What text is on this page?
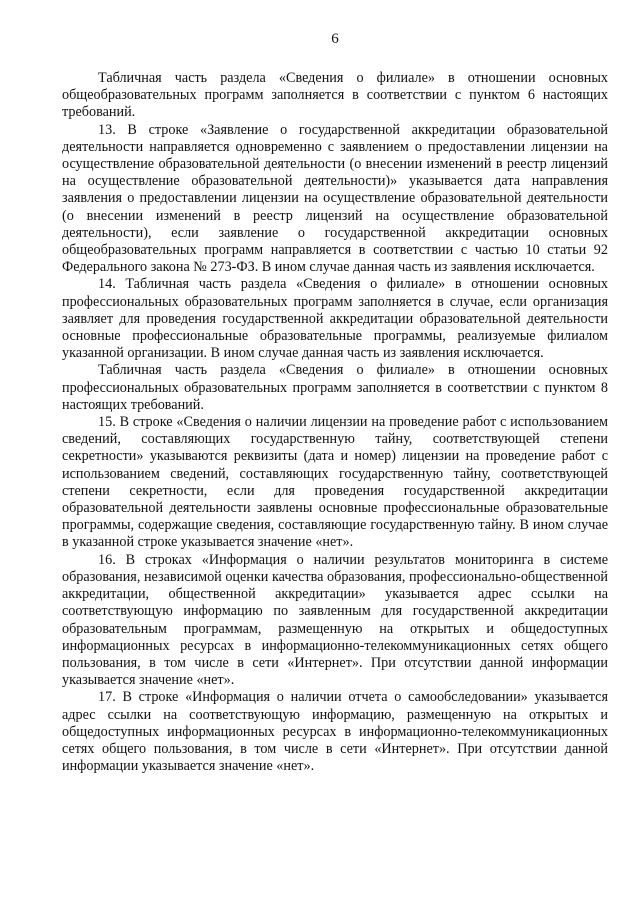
6

Табличная часть раздела «Сведения о филиале» в отношении основных общеобразовательных программ заполняется в соответствии с пунктом 6 настоящих требований.

13. В строке «Заявление о государственной аккредитации образовательной деятельности направляется одновременно с заявлением о предоставлении лицензии на осуществление образовательной деятельности (о внесении изменений в реестр лицензий на осуществление образовательной деятельности)» указывается дата направления заявления о предоставлении лицензии на осуществление образовательной деятельности (о внесении изменений в реестр лицензий на осуществление образовательной деятельности), если заявление о государственной аккредитации основных общеобразовательных программ направляется в соответствии с частью 10 статьи 92 Федерального закона № 273-ФЗ. В ином случае данная часть из заявления исключается.

14. Табличная часть раздела «Сведения о филиале» в отношении основных профессиональных образовательных программ заполняется в случае, если организация заявляет для проведения государственной аккредитации образовательной деятельности основные профессиональные образовательные программы, реализуемые филиалом указанной организации. В ином случае данная часть из заявления исключается.

Табличная часть раздела «Сведения о филиале» в отношении основных профессиональных образовательных программ заполняется в соответствии с пунктом 8 настоящих требований.

15. В строке «Сведения о наличии лицензии на проведение работ с использованием сведений, составляющих государственную тайну, соответствующей степени секретности» указываются реквизиты (дата и номер) лицензии на проведение работ с использованием сведений, составляющих государственную тайну, соответствующей степени секретности, если для проведения государственной аккредитации образовательной деятельности заявлены основные профессиональные образовательные программы, содержащие сведения, составляющие государственную тайну. В ином случае в указанной строке указывается значение «нет».

16. В строках «Информация о наличии результатов мониторинга в системе образования, независимой оценки качества образования, профессионально-общественной аккредитации, общественной аккредитации» указывается адрес ссылки на соответствующую информацию по заявленным для государственной аккредитации образовательным программам, размещенную на открытых и общедоступных информационных ресурсах в информационно-телекоммуникационных сетях общего пользования, в том числе в сети «Интернет». При отсутствии данной информации указывается значение «нет».

17. В строке «Информация о наличии отчета о самообследовании» указывается адрес ссылки на соответствующую информацию, размещенную на открытых и общедоступных информационных ресурсах в информационно-телекоммуникационных сетях общего пользования, в том числе в сети «Интернет». При отсутствии данной информации указывается значение «нет».
